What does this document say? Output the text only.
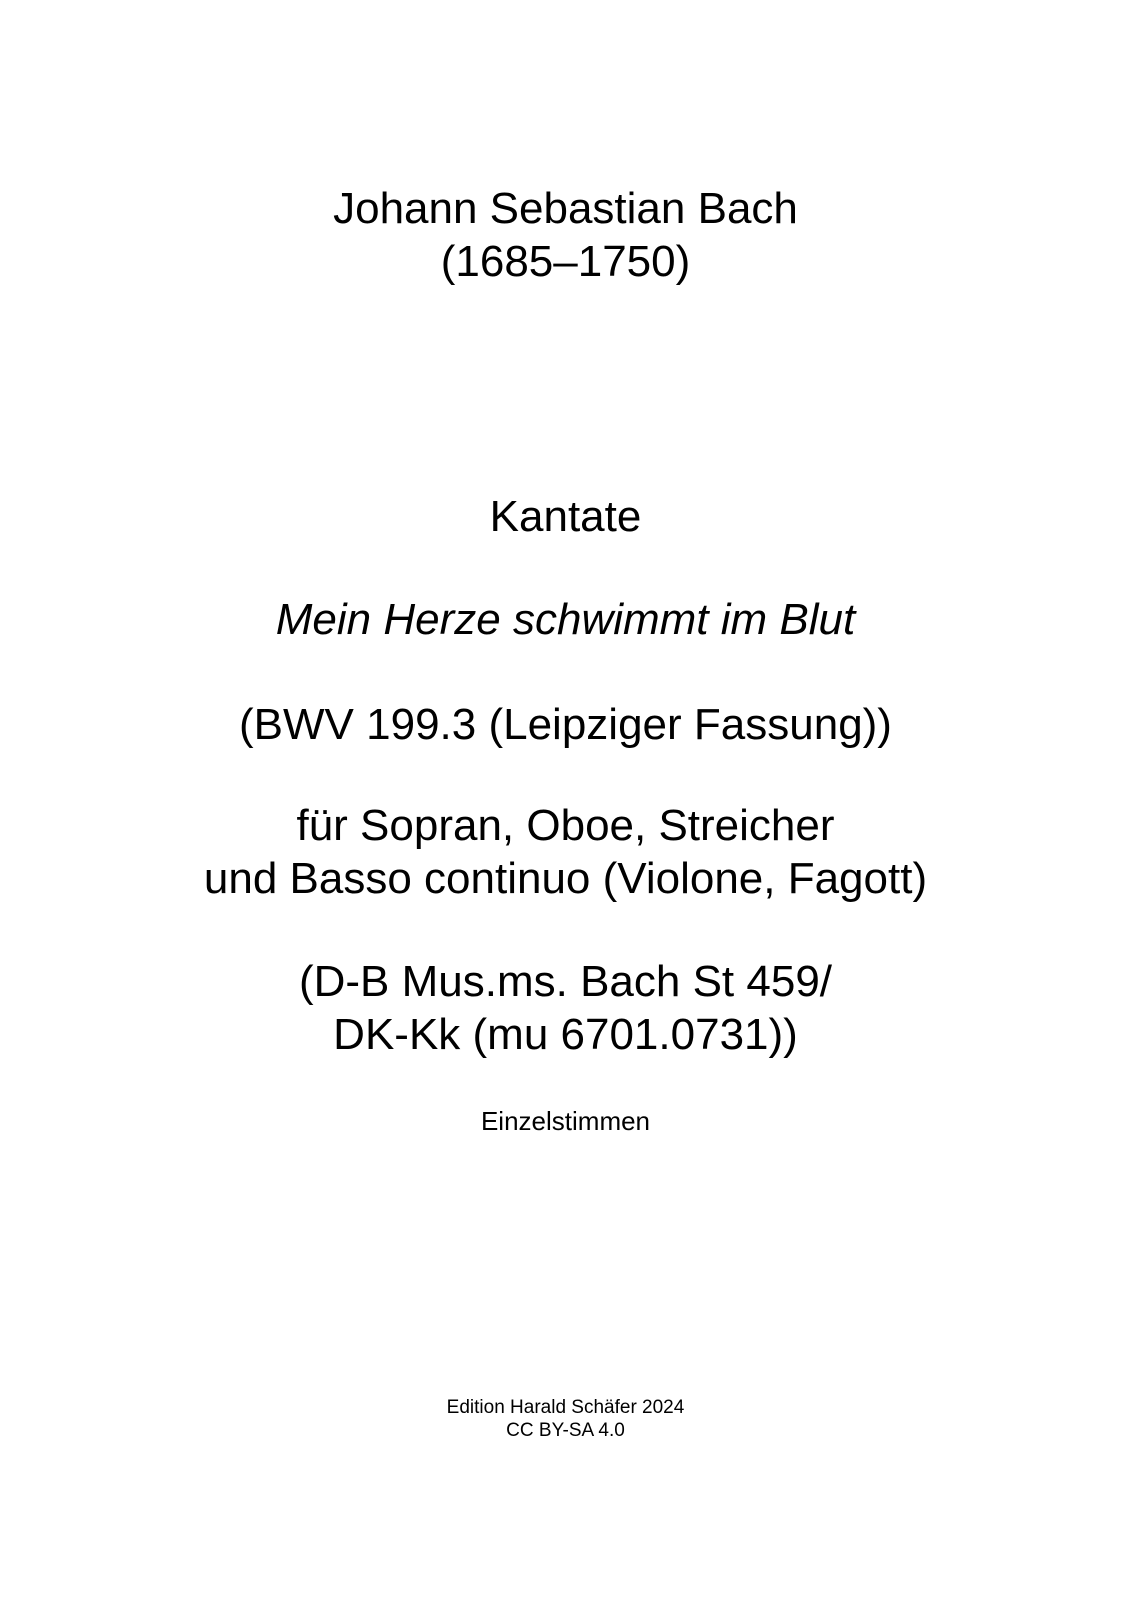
Johann Sebastian Bach
(1685–1750)
Kantate
Mein Herze schwimmt im Blut
(BWV 199.3 (Leipziger Fassung))
für Sopran, Oboe, Streicher
und Basso continuo (Violone, Fagott)
(D-B Mus.ms. Bach St 459/
DK-Kk (mu 6701.0731))
Einzelstimmen
Edition Harald Schäfer 2024
CC BY-SA 4.0
